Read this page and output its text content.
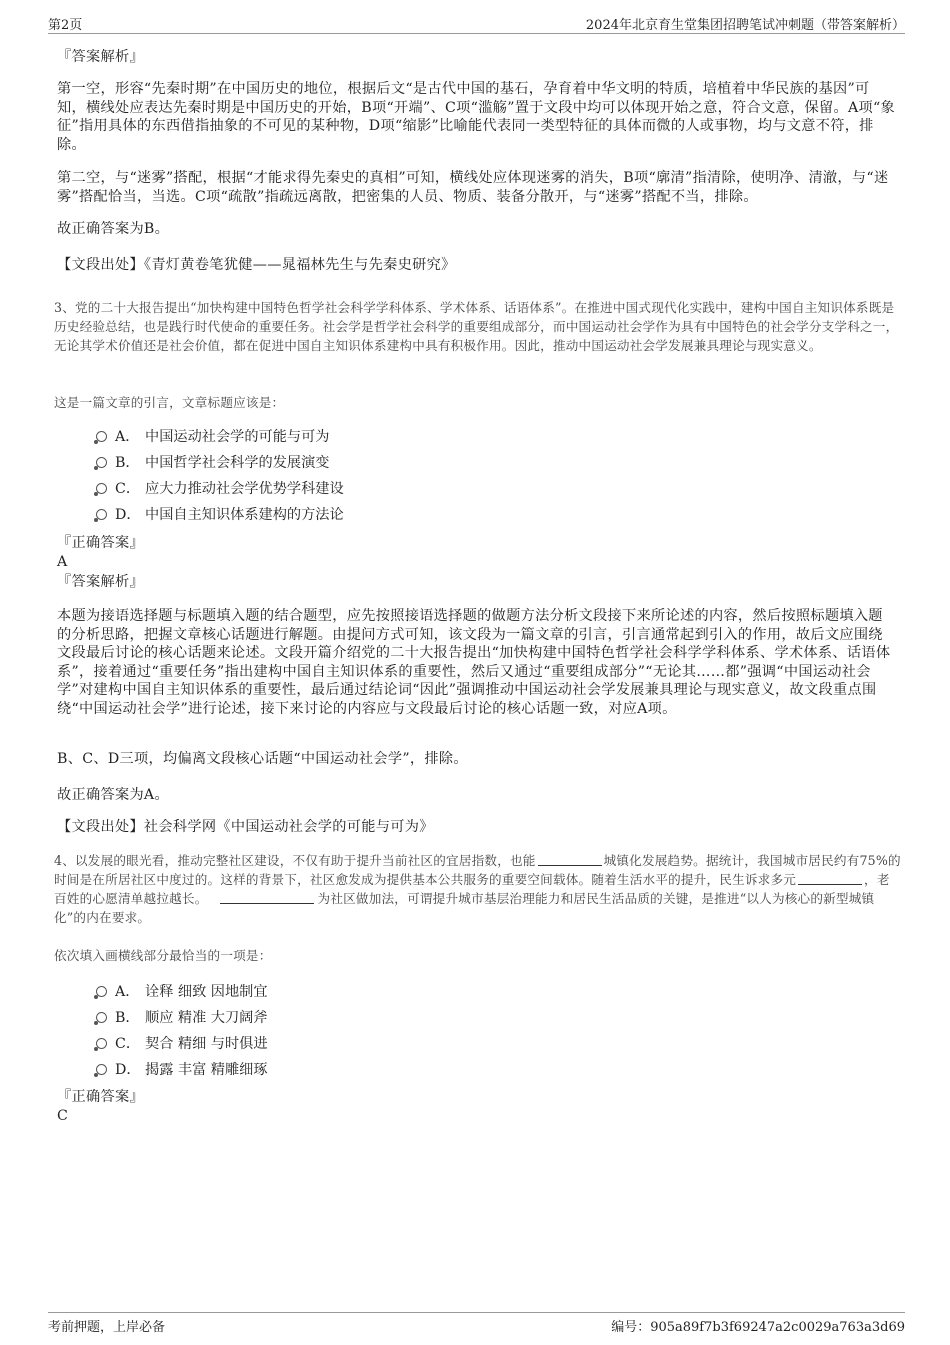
第2页	2024年北京育生堂集团招聘笔试冲刺题（带答案解析）
『答案解析』
第一空，形容“先秦时期”在中国历史的地位，根据后文“是古代中国的基石，孕育着中华文明的特质，培植着中华民族的基因”可知，横线处应表达先秦时期是中国历史的开始，B项“开端”、C项“滥觞”置于文段中均可以体现开始之意，符合文意，保留。A项“象征”指用具体的东西借指抽象的不可见的某种物，D项“缩影”比喻能代表同一类型特征的具体而微的人或事物，均与文意不符，排除。
第二空，与“迷雾”搭配，根据“才能求得先秦史的真相”可知，横线处应体现迷雾的消失，B项“廓清”指清除，使明净、清澈，与“迷雾”搭配恰当，当选。C项“疏散”指疏远离散，把密集的人员、物质、装备分散开，与“迷雾”搭配不当，排除。
故正确答案为B。
【文段出处】《青灯黄卷笔犹健——晁福林先生与先秦史研究》
3、党的二十大报告提出“加快构建中国特色哲学社会科学学科体系、学术体系、话语体系”。在推进中国式现代化实践中，建构中国自主知识体系既是历史经验总结，也是践行时代使命的重要任务。社会学是哲学社会科学的重要组成部分，而中国运动社会学作为具有中国特色的社会学分支学科之一，无论其学术价值还是社会价值，都在促进中国自主知识体系建构中具有积极作用。因此，推动中国运动社会学发展兼具理论与现实意义。
这是一篇文章的引言，文章标题应该是：
A． 中国运动社会学的可能与可为
B． 中国哲学社会科学的发展演变
C． 应大力推动社会学优势学科建设
D． 中国自主知识体系建构的方法论
『正确答案』
A
『答案解析』
本题为接语选择题与标题填入题的结合题型，应先按照接语选择题的做题方法分析文段接下来所论述的内容，然后按照标题填入题的分析思路，把握文章核心话题进行解题。由提问方式可知，该文段为一篇文章的引言，引言通常起到引入的作用，故后文应围绕文段最后讨论的核心话题来论述。文段开篇介绍党的二十大报告提出“加快构建中国特色哲学社会科学学科体系、学术体系、话语体系”，接着通过“重要任务”指出建构中国自主知识体系的重要性，然后又通过“重要组成部分”“无论其……都”强调“中国运动社会学”对建构中国自主知识体系的重要性，最后通过结论词“因此”强调推动中国运动社会学发展兼具理论与现实意义，故文段重点围绕“中国运动社会学”进行论述，接下来讨论的内容应与文段最后讨论的核心话题一致，对应A项。
B、C、D三项，均偏离文段核心话题“中国运动社会学”，排除。
故正确答案为A。
【文段出处】社会科学网《中国运动社会学的可能与可为》
4、以发展的眼光看，推动完整社区建设，不仅有助于提升当前社区的宜居指数，也能	城镇化发展趋势。据统计，我国城市居民约有75%的时间是在所居社区中度过的。这样的背景下，社区愈发成为提供基本公共服务的重要空间载体。随着生活水平的提升，民生诉求多元	，老百姓的心愿清单越拉越长。	为社区做加法，可谓提升城市基层治理能力和居民生活品质的关键，是推进“以人为核心的新型城镇化”的内在要求。
依次填入画横线部分最恰当的一项是：
A． 诠释 细致 因地制宜
B． 顺应 精准 大刀阔斧
C． 契合 精细 与时俱进
D． 揭露 丰富 精雕细琢
『正确答案』
C
考前押题，上岸必备	编号：905a89f7b3f69247a2c0029a763a3d69
